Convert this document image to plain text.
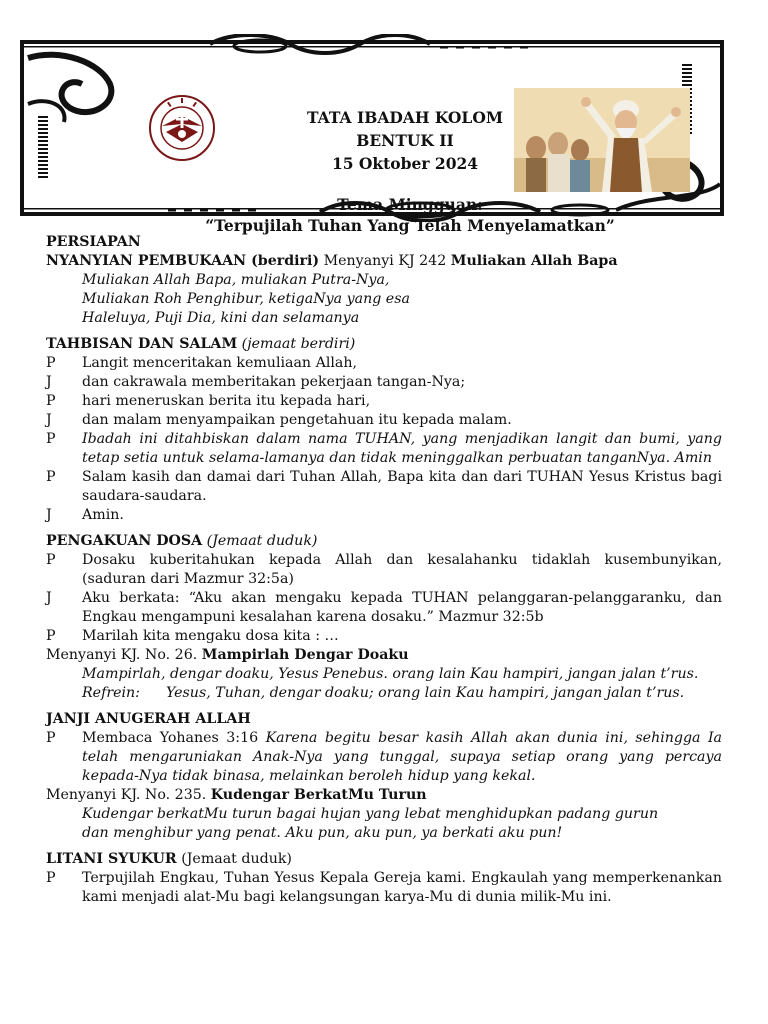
TATA IBADAH KOLOM
BENTUK II
15 Oktober 2024
Tema Mingguan:
“Terpujilah Tuhan Yang Telah Menyelamatkan”
PERSIAPAN
NYANYIAN PEMBUKAAN (berdiri) Menyanyi KJ 242 Muliakan Allah Bapa
Muliakan Allah Bapa, muliakan Putra-Nya,
Muliakan Roh Penghibur, ketigaNya yang esa
Haleluya, Puji Dia, kini dan selamanya
TAHBISAN DAN SALAM (jemaat berdiri)
P	Langit menceritakan kemuliaan Allah,
J	dan cakrawala memberitakan pekerjaan tangan-Nya;
P	hari meneruskan berita itu kepada hari,
J	dan malam menyampaikan pengetahuan itu kepada malam.
P	Ibadah ini ditahbiskan dalam nama TUHAN, yang menjadikan langit dan bumi, yang tetap setia untuk selama-lamanya dan tidak meninggalkan perbuatan tanganNya. Amin
P	Salam kasih dan damai dari Tuhan Allah, Bapa kita dan dari TUHAN Yesus Kristus bagi saudara-saudara.
J	Amin.
PENGAKUAN DOSA (Jemaat duduk)
P	Dosaku kuberitahukan kepada Allah dan kesalahanku tidaklah kusembunyikan, (saduran dari Mazmur 32:5a)
J	Aku berkata: “Aku akan mengaku kepada TUHAN pelanggaran-pelanggaranku, dan Engkau mengampuni kesalahan karena dosaku.” Mazmur 32:5b
P	Marilah kita mengaku dosa kita : …
Menyanyi KJ. No. 26. Mampirlah Dengar Doaku
Mampirlah, dengar doaku, Yesus Penebus. orang lain Kau hampiri, jangan jalan t’rus.
Refrein: Yesus, Tuhan, dengar doaku; orang lain Kau hampiri, jangan jalan t’rus.
JANJI ANUGERAH ALLAH
P	Membaca Yohanes 3:16 Karena begitu besar kasih Allah akan dunia ini, sehingga Ia telah mengaruniakan Anak-Nya yang tunggal, supaya setiap orang yang percaya kepada-Nya tidak binasa, melainkan beroleh hidup yang kekal.
Menyanyi KJ. No. 235. Kudengar BerkatMu Turun
Kudengar berkatMu turun bagai hujan yang lebat menghidupkan padang gurun
dan menghibur yang penat. Aku pun, aku pun, ya berkati aku pun!
LITANI SYUKUR (Jemaat duduk)
P	Terpujilah Engkau, Tuhan Yesus Kepala Gereja kami. Engkaulah yang memperkenankan kami menjadi alat-Mu bagi kelangsungan karya-Mu di dunia milik-Mu ini.
